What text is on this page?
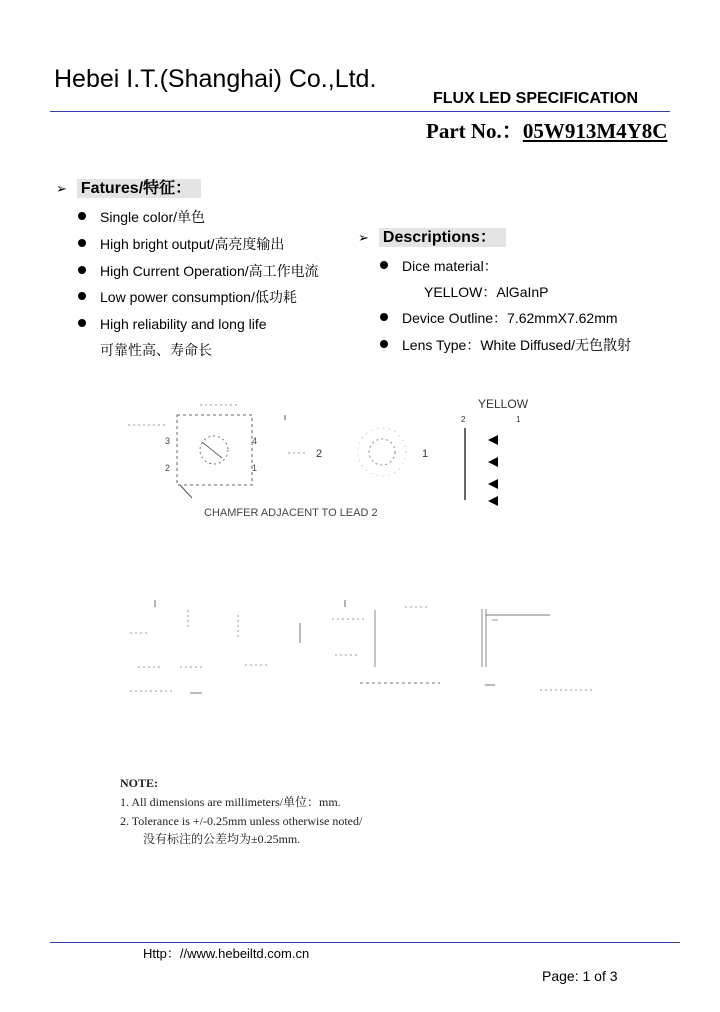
Hebei I.T.(Shanghai) Co.,Ltd.
FLUX LED SPECIFICATION
Part No.：05W913M4Y8C
➢ Fatures/特征：
Single color/单色
High bright output/高亮度输出
High Current Operation/高工作电流
Low power consumption/低功耗
High reliability and long life
可靠性高、寿命长
➢ Descriptions：
Dice material：
YELLOW：AlGaInP
Device Outline：7.62mmX7.62mm
Lens Type：White Diffused/无色散射
3
2
4
1
CHAMFER ADJACENT TO LEAD 2
2	1
YELLOW
2	1
NOTE:
1. All dimensions are millimeters/单位：mm.
2. Tolerance is +/-0.25mm unless otherwise noted/
没有标注的公差均为±0.25mm.
Http：//www.hebeiltd.com.cn
Page: 1 of 3
